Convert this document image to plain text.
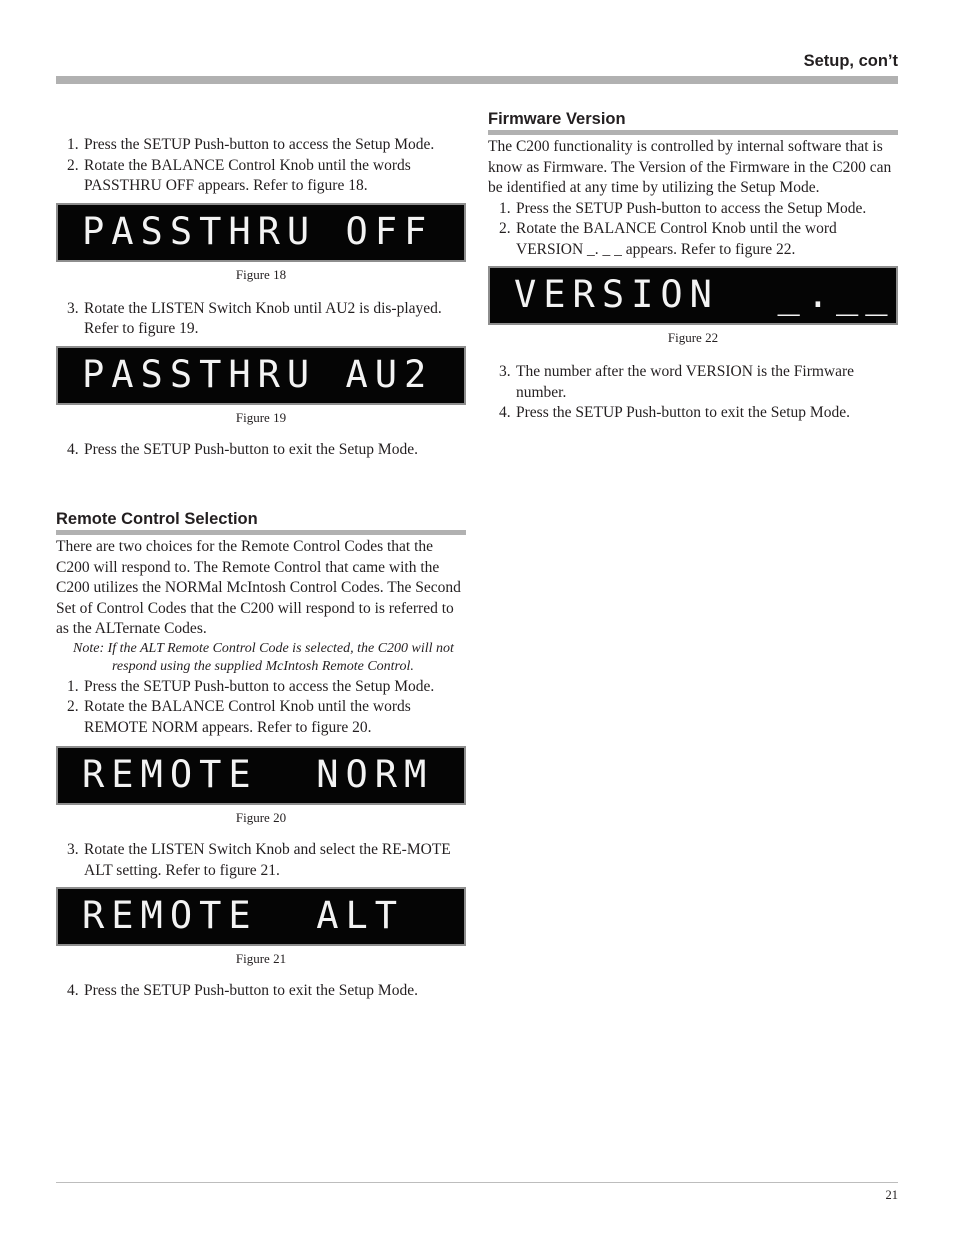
Setup, con’t
1. Press the SETUP Push-button to access the Setup Mode.
2. Rotate the BALANCE Control Knob until the words PASSTHRU OFF appears. Refer to figure 18.
PASSTHRU OFF

Figure 18

3. Rotate the LISTEN Switch Knob until AU2 is dis-played. Refer to figure 19.
PASSTHRU AU2

Figure 19

4. Press the SETUP Push-button to exit the Setup Mode.
Remote Control Selection

There are two choices for the Remote Control Codes that the C200 will respond to. The Remote Control that came with the C200 utilizes the NORMal McIntosh Control Codes. The Second Set of Control Codes that the C200 will respond to is referred to as the ALTernate Codes.

Note: If the ALT Remote Control Code is selected, the C200 will not respond using the supplied McIntosh Remote Control.

1. Press the SETUP Push-button to access the Setup Mode.
2. Rotate the BALANCE Control Knob until the words REMOTE NORM appears. Refer to figure 20.
REMOTE  NORM

Figure 20

3. Rotate the LISTEN Switch Knob and select the RE-MOTE ALT setting. Refer to figure 21.
REMOTE  ALT

Figure 21

4. Press the SETUP Push-button to exit the Setup Mode.
Firmware Version

The C200 functionality is controlled by internal software that is know as Firmware. The Version of the Firmware in the C200 can be identified at any time by utilizing the Setup Mode.

1. Press the SETUP Push-button to access the Setup Mode.
2. Rotate the BALANCE Control Knob until the word VERSION _. _ _ appears. Refer to figure 22.
VERSION  _.__

Figure 22

3. The number after the word VERSION is the Firmware number.
4. Press the SETUP Push-button to exit the Setup Mode.
21
